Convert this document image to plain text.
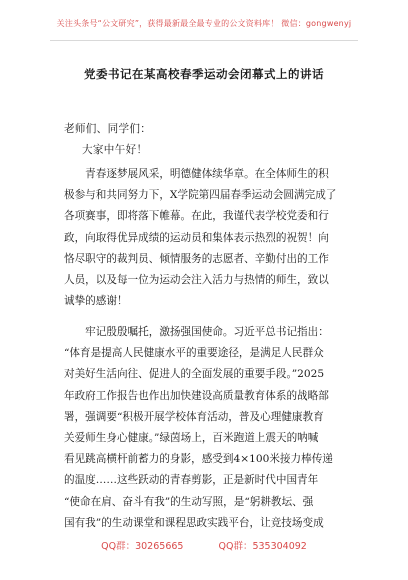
关注头条号“公文研究”，获得最新最全最专业的公文资料库！ 微信：gongwenyj
党委书记在某高校春季运动会闭幕式上的讲话
老师们、同学们：
大家中午好！
　　青春逐梦展风采，明德健体续华章。在全体师生的积
极参与和共同努力下，X学院第四届春季运动会圆满完成了
各项赛事，即将落下帷幕。在此，我谨代表学校党委和行
政，向取得优异成绩的运动员和集体表示热烈的祝贺！向
恪尽职守的裁判员、倾情服务的志愿者、辛勤付出的工作
人员，以及每一位为运动会注入活力与热情的师生，致以
诚挚的感谢！
　　牢记殷殷嘱托，激扬强国使命。习近平总书记指出：
“体育是提高人民健康水平的重要途径，是满足人民群众
对美好生活向往、促进人的全面发展的重要手段。”2025
年政府工作报告也作出加快建设高质量教育体系的战略部
署，强调要“积极开展学校体育活动，普及心理健康教育
关爱师生身心健康。”绿茵场上，百米跑道上震天的呐喊
看见跳高横杆前蓄力的身影，感受到4×100米接力棒传递
的温度……这些跃动的青春剪影，正是新时代中国青年
“使命在肩、奋斗有我”的生动写照，是“躬耕教坛、强
国有我”的生动课堂和课程思政实践平台，让竞技场变成
QQ群：30265665	QQ群：535304092
